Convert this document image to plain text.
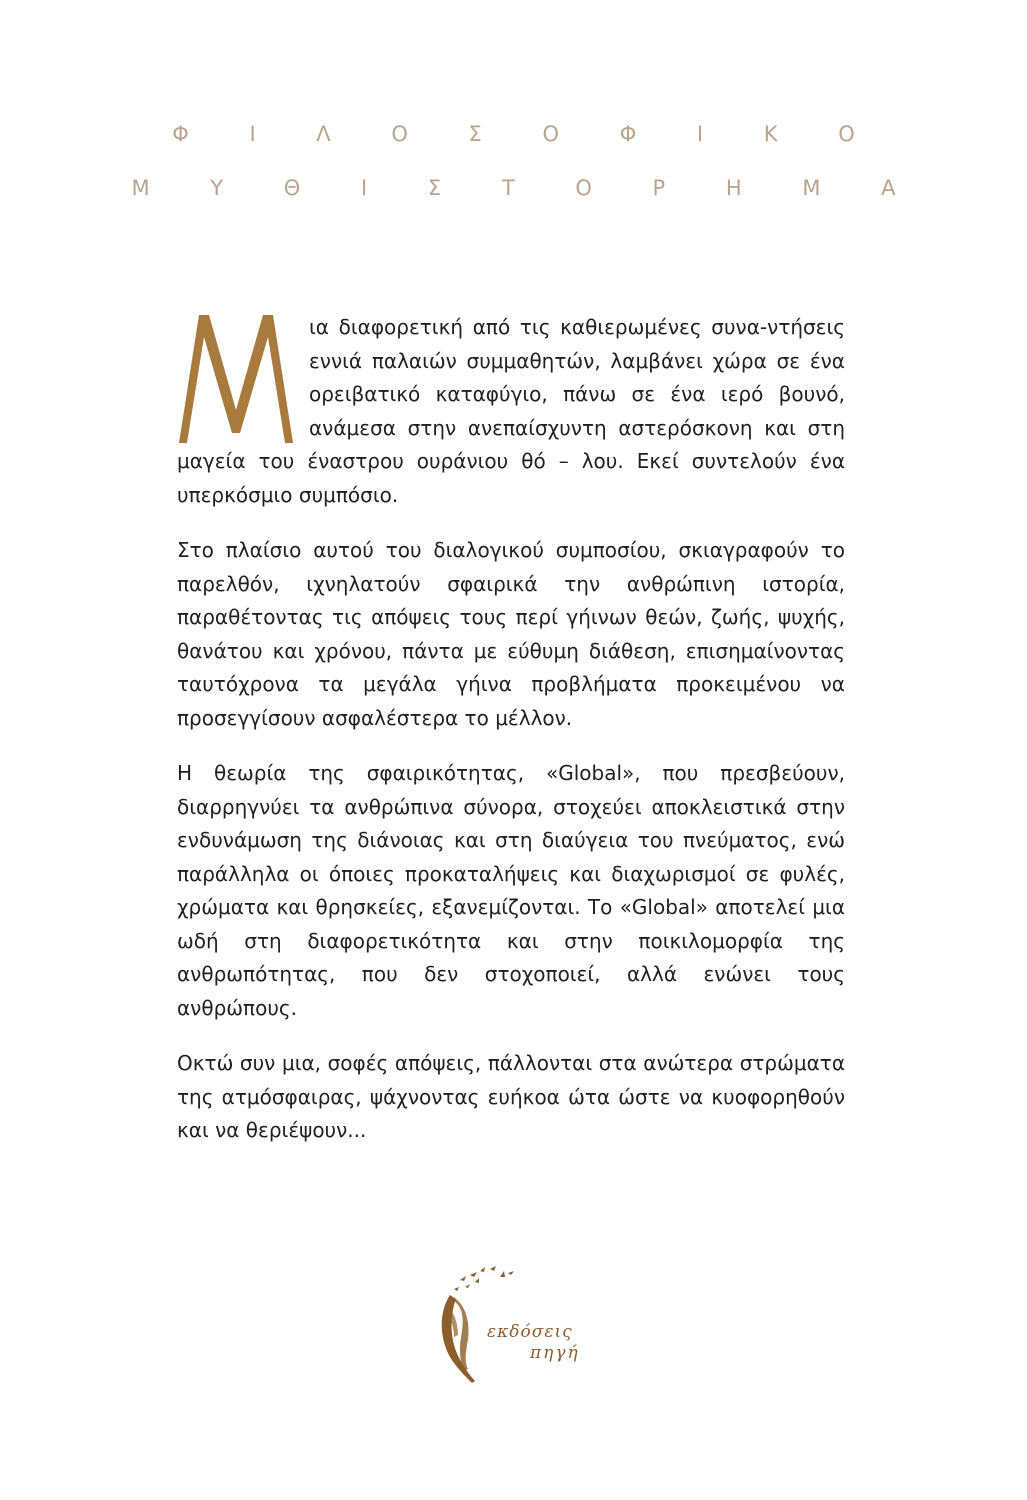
Φ Ι Λ Ο Σ Ο Φ Ι Κ Ο
Μ Υ Θ Ι Σ Τ Ο Ρ Η Μ Α

ια διαφορετική από τις καθιερωμένες συνα-ντήσεις εννιά παλαιών συμμαθητών, λαμβάνει χώρα σε ένα ορειβατικό καταφύγιο, πάνω σε ένα ιερό βουνό, ανάμεσα στην ανεπαίσχυντη αστερόσκονη και στη μαγεία του έναστρου ουράνιου θό – λου. Εκεί συντελούν ένα υπερκόσμιο συμπόσιο.

Στο πλαίσιο αυτού του διαλογικού συμποσίου, σκιαγραφούν το παρελθόν, ιχνηλατούν σφαιρικά την ανθρώπινη ιστορία, παραθέτοντας τις απόψεις τους περί γήινων θεών, ζωής, ψυχής, θανάτου και χρόνου, πάντα με εύθυμη διάθεση, επισημαίνοντας ταυτόχρονα τα μεγάλα γήινα προβλήματα προκειμένου να προσεγγίσουν ασφαλέστερα το μέλλον.

Η θεωρία της σφαιρικότητας, «Global», που πρεσβεύουν, διαρρηγνύει τα ανθρώπινα σύνορα, στοχεύει αποκλειστικά στην ενδυνάμωση της διάνοιας και στη διαύγεια του πνεύματος, ενώ παράλληλα οι όποιες προκαταλήψεις και διαχωρισμοί σε φυλές, χρώματα και θρησκείες, εξανεμίζονται. Το «Global» αποτελεί μια ωδή στη διαφορετικότητα και στην ποικιλομορφία της ανθρωπότητας, που δεν στοχοποιεί, αλλά ενώνει τους ανθρώπους.

Οκτώ συν μια, σοφές απόψεις, πάλλονται στα ανώτερα στρώματα της ατμόσφαιρας, ψάχνοντας ευήκοα ώτα ώστε να κυοφορηθούν και να θεριέψουν...

εκδόσεις
πηγή
